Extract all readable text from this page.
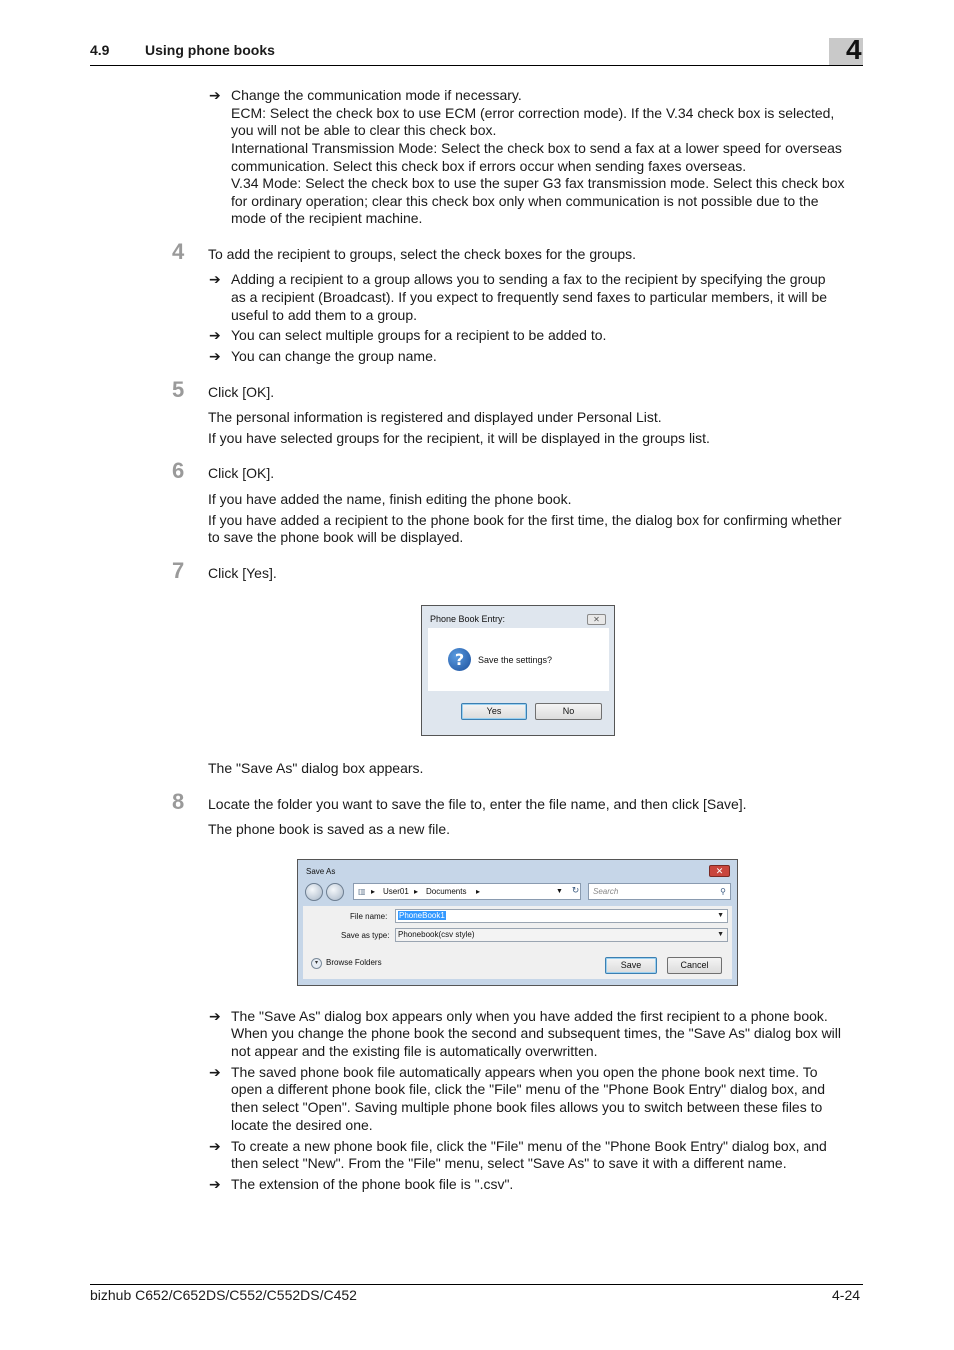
4.9	Using phone books	4
➔ Change the communication mode if necessary.
ECM: Select the check box to use ECM (error correction mode). If the V.34 check box is selected,
you will not be able to clear this check box.
International Transmission Mode: Select the check box to send a fax at a lower speed for overseas
communication. Select this check box if errors occur when sending faxes overseas.
V.34 Mode: Select the check box to use the super G3 fax transmission mode. Select this check box
for ordinary operation; clear this check box only when communication is not possible due to the
mode of the recipient machine.
4 To add the recipient to groups, select the check boxes for the groups.
➔ Adding a recipient to a group allows you to sending a fax to the recipient by specifying the group
as a recipient (Broadcast). If you expect to frequently send faxes to particular members, it will be
useful to add them to a group.
➔ You can select multiple groups for a recipient to be added to.
➔ You can change the group name.
5 Click [OK].
The personal information is registered and displayed under Personal List.
If you have selected groups for the recipient, it will be displayed in the groups list.
6 Click [OK].
If you have added the name, finish editing the phone book.
If you have added a recipient to the phone book for the first time, the dialog box for confirming whether
to save the phone book will be displayed.
7 Click [Yes].
Phone Book Entry:	✕
?	Save the settings?
Yes	No
The "Save As" dialog box appears.
8 Locate the folder you want to save the file to, enter the file name, and then click [Save].
The phone book is saved as a new file.
Save As	✕
▥ ▸ User01 ▸ Documents ▸	▼ ↻	Search	⚲
File name:	PhoneBook1	▼
Save as type:	Phonebook(csv style)	▼
▾	Browse Folders	Save	Cancel
➔ The "Save As" dialog box appears only when you have added the first recipient to a phone book.
When you change the phone book the second and subsequent times, the "Save As" dialog box will
not appear and the existing file is automatically overwritten.
➔ The saved phone book file automatically appears when you open the phone book next time. To
open a different phone book file, click the "File" menu of the "Phone Book Entry" dialog box, and
then select "Open". Saving multiple phone book files allows you to switch between these files to
locate the desired one.
➔ To create a new phone book file, click the "File" menu of the "Phone Book Entry" dialog box, and
then select "New". From the "File" menu, select "Save As" to save it with a different name.
➔ The extension of the phone book file is ".csv".
bizhub C652/C652DS/C552/C552DS/C452	4-24
